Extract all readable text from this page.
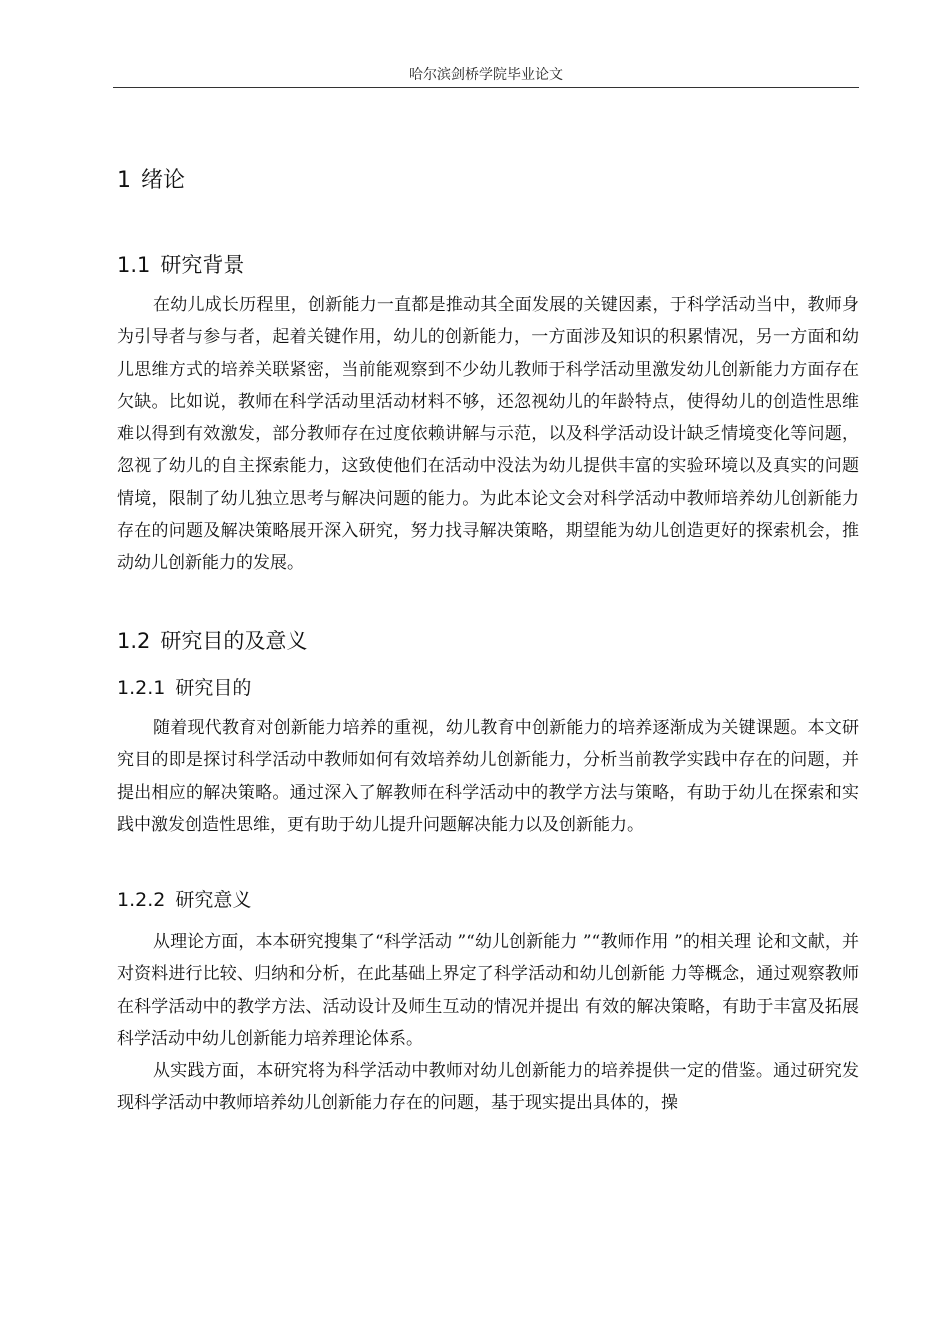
哈尔滨剑桥学院毕业论文
1 绪论
1.1 研究背景

在幼儿成长历程里，创新能力一直都是推动其全面发展的关键因素，于科学活动当中，教师身为引导者与参与者，起着关键作用，幼儿的创新能力，一方面涉及知识的积累情况，另一方面和幼儿思维方式的培养关联紧密，当前能观察到不少幼儿教师于科学活动里激发幼儿创新能力方面存在欠缺。比如说，教师在科学活动里活动材料不够，还忽视幼儿的年龄特点，使得幼儿的创造性思维难以得到有效激发，部分教师存在过度依赖讲解与示范，以及科学活动设计缺乏情境变化等问题，忽视了幼儿的自主探索能力，这致使他们在活动中没法为幼儿提供丰富的实验环境以及真实的问题情境，限制了幼儿独立思考与解决问题的能力。为此本论文会对科学活动中教师培养幼儿创新能力存在的问题及解决策略展开深入研究，努力找寻解决策略，期望能为幼儿创造更好的探索机会，推动幼儿创新能力的发展。

1.2 研究目的及意义
1.2.1 研究目的

随着现代教育对创新能力培养的重视，幼儿教育中创新能力的培养逐渐成为关键课题。本文研究目的即是探讨科学活动中教师如何有效培养幼儿创新能力，分析当前教学实践中存在的问题，并提出相应的解决策略。通过深入了解教师在科学活动中的教学方法与策略，有助于幼儿在探索和实践中激发创造性思维，更有助于幼儿提升问题解决能力以及创新能力。

1.2.2 研究意义

从理论方面，本本研究搜集了“科学活动 ”“幼儿创新能力 ”“教师作用 ”的相关理 论和文献，并对资料进行比较、归纳和分析，在此基础上界定了科学活动和幼儿创新能 力等概念，通过观察教师在科学活动中的教学方法、活动设计及师生互动的情况并提出 有效的解决策略，有助于丰富及拓展科学活动中幼儿创新能力培养理论体系。

从实践方面，本研究将为科学活动中教师对幼儿创新能力的培养提供一定的借鉴。通过研究发现科学活动中教师培养幼儿创新能力存在的问题，基于现实提出具体的，操
